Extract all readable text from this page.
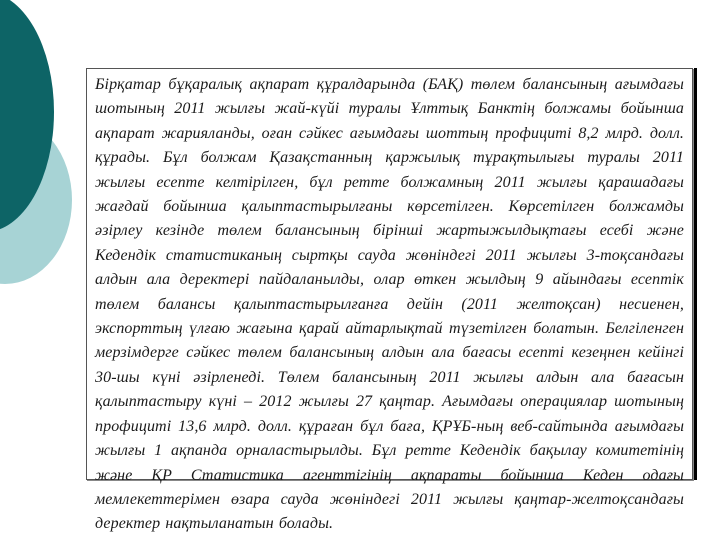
Бірқатар бұқаралық ақпарат құралдарында (БАҚ) төлем балансының ағымдағы шотының 2011 жылғы жай-күйі туралы Ұлттық Банктің болжамы бойынша ақпарат жарияланды, оған сәйкес ағымдағы шоттың профициті 8,2 млрд. долл. құрады. Бұл болжам Қазақстанның қаржылық тұрақтылығы туралы 2011 жылғы есепте келтірілген, бұл ретте болжамның 2011 жылғы қарашадағы жағдай бойынша қалыптастырылғаны көрсетілген. Көрсетілген болжамды әзірлеу кезінде төлем балансының бірінші жартыжылдықтағы есебі және Кедендік статистиканың сыртқы сауда жөніндегі 2011 жылғы 3-тоқсандағы алдын ала деректері пайдаланылды, олар өткен жылдың 9 айындағы есептік төлем балансы қалыптастырылғанға дейін (2011 желтоқсан) несиенен, экспорттың үлғаю жағына қарай айтарлықтай түзетілген болатын. Белгіленген мерзімдерге сәйкес төлем балансының алдын ала бағасы есепті кезеңнен кейінгі 30-шы күні әзірленеді. Төлем балансының 2011 жылғы алдын ала бағасын қалыптастыру күні – 2012 жылғы 27 қаңтар. Ағымдағы операциялар шотының профициті 13,6 млрд. долл. құраған бұл баға, ҚРҰБ-ның веб-сайтында ағымдағы жылғы 1 ақпанда орналастырылды. Бұл ретте Кедендік бақылау комитетінің және ҚР Статистика агенттігінің ақпараты бойынша Кеден одағы мемлекеттерімен өзара сауда жөніндегі 2011 жылғы қаңтар-желтоқсандағы деректер нақтыланатын болады.
